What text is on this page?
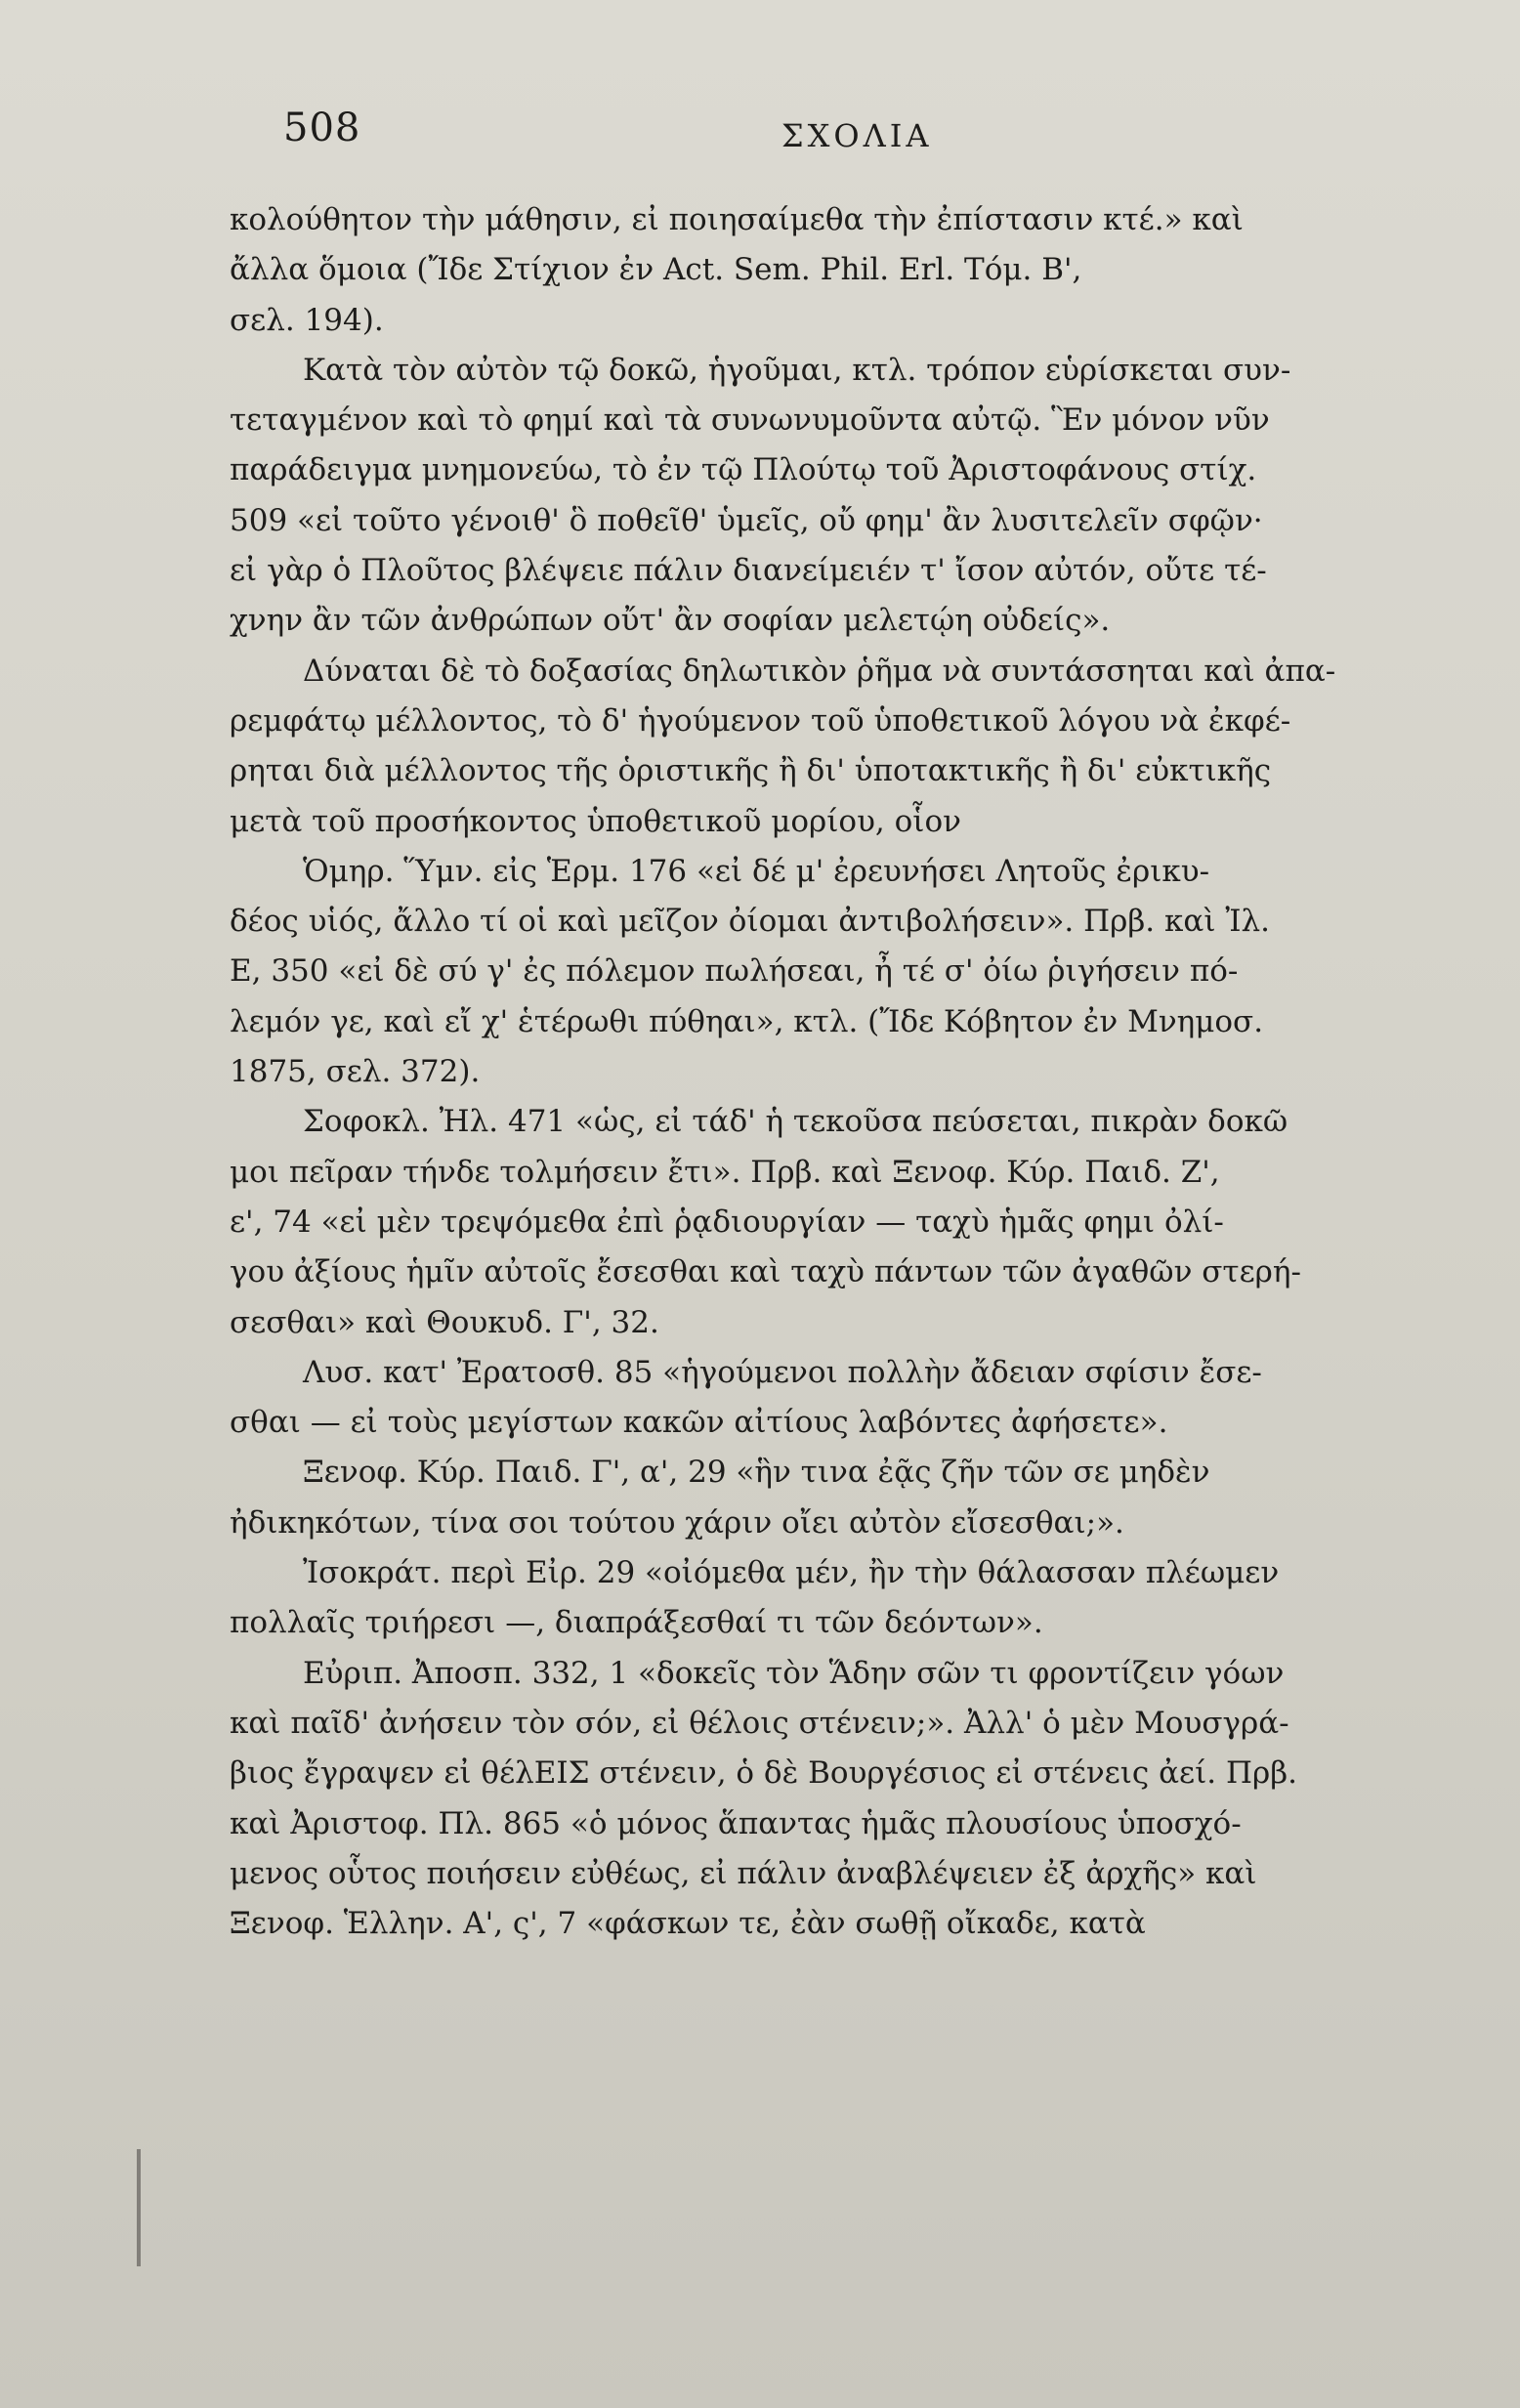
508	ΣΧΟΛΙΑ
κολούθητον τὴν μάθησιν, εἰ ποιησαίμεθα τὴν ἐπίστασιν κτέ.» καὶ
ἄλλα ὅμοια (Ἴδε Στίχιον ἐν Act. Sem. Phil. Erl. Τόμ. Β',
σελ. 194).
Κατὰ τὸν αὐτὸν τῷ δοκῶ, ἡγοῦμαι, κτλ. τρόπον εὑρίσκεται συν-
τεταγμένον καὶ τὸ φημί καὶ τὰ συνωνυμοῦντα αὐτῷ. Ἓν μόνον νῦν
παράδειγμα μνημονεύω, τὸ ἐν τῷ Πλούτῳ τοῦ Ἀριστοφάνους στίχ.
509 «εἰ τοῦτο γένοιθ' ὃ ποθεῖθ' ὑμεῖς, οὔ φημ' ἂν λυσιτελεῖν σφῷν·
εἰ γὰρ ὁ Πλοῦτος βλέψειε πάλιν διανείμειέν τ' ἴσον αὐτόν, οὔτε τέ-
χνην ἂν τῶν ἀνθρώπων οὔτ' ἂν σοφίαν μελετῴη οὐδείς».
Δύναται δὲ τὸ δοξασίας δηλωτικὸν ῥῆμα νὰ συντάσσηται καὶ ἀπα-
ρεμφάτῳ μέλλοντος, τὸ δ' ἡγούμενον τοῦ ὑποθετικοῦ λόγου νὰ ἐκφέ-
ρηται διὰ μέλλοντος τῆς ὁριστικῆς ἢ δι' ὑποτακτικῆς ἢ δι' εὐκτικῆς
μετὰ τοῦ προσήκοντος ὑποθετικοῦ μορίου, οἷον
Ὁμηρ. Ὕμν. εἰς Ἑρμ. 176 «εἰ δέ μ' ἐρευνήσει Λητοῦς ἐρικυ-
δέος υἱός, ἄλλο τί οἱ καὶ μεῖζον ὀίομαι ἀντιβολήσειν». Πρβ. καὶ Ἰλ.
Ε, 350 «εἰ δὲ σύ γ' ἐς πόλεμον πωλήσεαι, ἦ τέ σ' ὀίω ῥιγήσειν πό-
λεμόν γε, καὶ εἴ χ' ἑτέρωθι πύθηαι», κτλ. (Ἴδε Κόβητον ἐν Μνημοσ.
1875, σελ. 372).
Σοφοκλ. Ἠλ. 471 «ὡς, εἰ τάδ' ἡ τεκοῦσα πεύσεται, πικρὰν δοκῶ
μοι πεῖραν τήνδε τολμήσειν ἔτι». Πρβ. καὶ Ξενοφ. Κύρ. Παιδ. Ζ',
ε', 74 «εἰ μὲν τρεψόμεθα ἐπὶ ῥᾳδιουργίαν — ταχὺ ἡμᾶς φημι ὀλί-
γου ἀξίους ἡμῖν αὐτοῖς ἔσεσθαι καὶ ταχὺ πάντων τῶν ἀγαθῶν στερή-
σεσθαι» καὶ Θουκυδ. Γ', 32.
Λυσ. κατ' Ἐρατοσθ. 85 «ἡγούμενοι πολλὴν ἄδειαν σφίσιν ἔσε-
σθαι — εἰ τοὺς μεγίστων κακῶν αἰτίους λαβόντες ἀφήσετε».
Ξενοφ. Κύρ. Παιδ. Γ', α', 29 «ἣν τινα ἐᾷς ζῆν τῶν σε μηδὲν
ἠδικηκότων, τίνα σοι τούτου χάριν οἴει αὐτὸν εἴσεσθαι;».
Ἰσοκράτ. περὶ Εἰρ. 29 «οἰόμεθα μέν, ἢν τὴν θάλασσαν πλέωμεν
πολλαῖς τριήρεσι —, διαπράξεσθαί τι τῶν δεόντων».
Εὐριπ. Ἀποσπ. 332, 1 «δοκεῖς τὸν Ἅδην σῶν τι φροντίζειν γόων
καὶ παῖδ' ἀνήσειν τὸν σόν, εἰ θέλοις στένειν;». Ἀλλ' ὁ μὲν Μουσγρά-
βιος ἔγραψεν εἰ θέλΕΙΣ στένειν, ὁ δὲ Βουργέσιος εἰ στένεις ἀεί. Πρβ.
καὶ Ἀριστοφ. Πλ. 865 «ὁ μόνος ἅπαντας ἡμᾶς πλουσίους ὑποσχό-
μενος οὗτος ποιήσειν εὐθέως, εἰ πάλιν ἀναβλέψειεν ἐξ ἀρχῆς» καὶ
Ξενοφ. Ἑλλην. Α', ς', 7 «φάσκων τε, ἐὰν σωθῇ οἴκαδε, κατὰ
